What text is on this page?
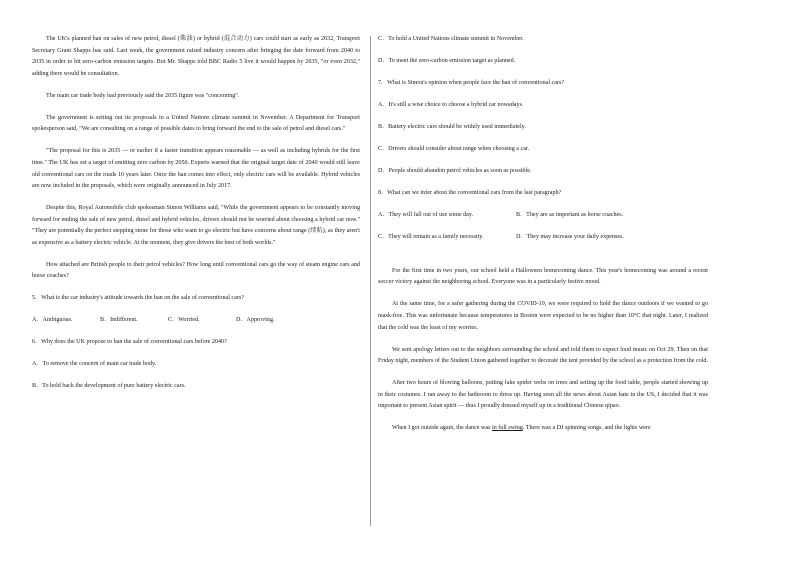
The UK's planned ban on sales of new petrol, diesel (柴油) or hybrid (混合动力) cars could start as early as 2032, Transport Secretary Grant Shapps has said. Last week, the government raised industry concern after bringing the date forward from 2040 to 2035 in order to hit zero-carbon emission targets. But Mr. Shapps told BBC Radio 5 live it would happen by 2035, "or even 2032," adding there would be consultation.

The main car trade body had previously said the 2035 figure was "concerning".

The government is setting out its proposals in a United Nations climate summit in November. A Department for Transport spokesperson said, "We are consulting on a range of possible dates to bring forward the end to the sale of petrol and diesel cars."

"The proposal for this is 2035 — or earlier if a faster transition appears reasonable — as well as including hybrids for the first time." The UK has set a target of emitting zero carbon by 2050. Experts warned that the original target date of 2040 would still leave old conventional cars on the roads 10 years later. Once the ban comes into effect, only electric cars will be available. Hybrid vehicles are now included in the proposals, which were originally announced in July 2017.

Despite this, Royal Automobile club spokesman Simon Williams said, "While the government appears to be constantly moving forward for ending the sale of new petrol, diesel and hybrid vehicles, drivers should not be worried about choosing a hybrid car now." "They are potentially the perfect stepping stone for those who want to go electric but have concerns about range (续航), as they aren't as expensive as a battery electric vehicle. At the moment, they give drivers the best of both worlds."

How attached are British people to their petrol vehicles? How long until conventional cars go the way of steam engine cars and horse coaches?

5．What is the car industry's attitude towards the ban on the sale of conventional cars?

A．Ambiguous.	B．Indifferent.	C．Worried.	D．Approving.

6．Why does the UK propose to ban the sale of conventional cars before 2040?

A．To remove the concern of main car trade body.

B．To hold back the development of pure battery electric cars.

C．To hold a United Nations climate summit in November.

D．To meet the zero-carbon emission target as planned.

7．What is Simon's opinion when people face the ban of conventional cars?

A．It's still a wise choice to choose a hybrid car nowadays.

B．Battery electric cars should be widely used immediately.

C．Drivers should consider about range when choosing a car.

D．People should abandon petrol vehicles as soon as possible.

8．What can we infer about the conventional cars from the last paragraph?

A．They will fall out of use some day.	B．They are as important as horse coaches.
C．They will remain as a family necessity.	D．They may increase your daily expenses.

For the first time in two years, our school held a Halloween homecoming dance. This year's homecoming was around a recent soccer victory against the neighboring school. Everyone was in a particularly festive mood.

At the same time, for a safer gathering during the COVID-19, we were required to hold the dance outdoors if we wanted to go mask-free. This was unfortunate because temperatures in Boston were expected to be no higher than 10°C that night. Later, I realized that the cold was the least of my worries.

We sent apology letters out to the neighbors surrounding the school and told them to expect loud music on Oct 29. Then on that Friday night, members of the Student Union gathered together to decorate the tent provided by the school as a protection from the cold.

After two hours of blowing balloons, putting fake spider webs on trees and setting up the food table, people started showing up in their costumes. I ran away to the bathroom to dress up. Having seen all the news about Asian hate in the US, I decided that it was important to present Asian spirit — thus I proudly dressed myself up in a traditional Chinese qipao.

When I got outside again, the dance was in full swing. There was a DJ spinning songs, and the lights were
